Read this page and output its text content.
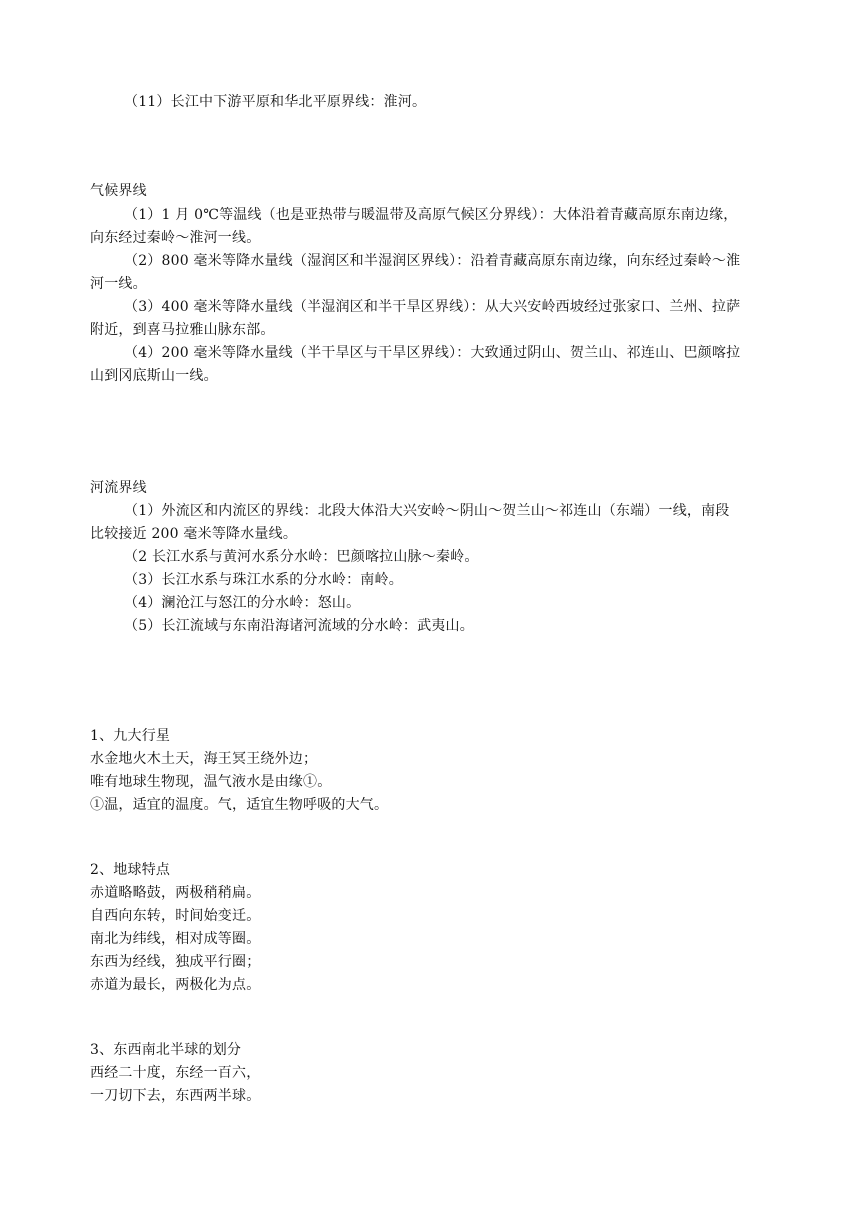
（11）长江中下游平原和华北平原界线：淮河。
气候界线
（1）1 月 0℃等温线（也是亚热带与暖温带及高原气候区分界线）：大体沿着青藏高原东南边缘，
向东经过秦岭～淮河一线。
（2）800 毫米等降水量线（湿润区和半湿润区界线）：沿着青藏高原东南边缘，向东经过秦岭～淮
河一线。
（3）400 毫米等降水量线（半湿润区和半干旱区界线）：从大兴安岭西坡经过张家口、兰州、拉萨
附近，到喜马拉雅山脉东部。
（4）200 毫米等降水量线（半干旱区与干旱区界线）：大致通过阴山、贺兰山、祁连山、巴颜喀拉
山到冈底斯山一线。
河流界线
（1）外流区和内流区的界线：北段大体沿大兴安岭～阴山～贺兰山～祁连山（东端）一线，南段
比较接近 200 毫米等降水量线。
（2 长江水系与黄河水系分水岭：巴颜喀拉山脉～秦岭。
（3）长江水系与珠江水系的分水岭：南岭。
（4）澜沧江与怒江的分水岭：怒山。
（5）长江流域与东南沿海诸河流域的分水岭：武夷山。
1、九大行星
水金地火木土天，海王冥王绕外边；
唯有地球生物现，温气液水是由缘①。
①温，适宜的温度。气，适宜生物呼吸的大气。
2、地球特点
赤道略略鼓，两极稍稍扁。
自西向东转，时间始变迁。
南北为纬线，相对成等圈。
东西为经线，独成平行圈；
赤道为最长，两极化为点。
3、东西南北半球的划分
西经二十度，东经一百六，
一刀切下去，东西两半球。
